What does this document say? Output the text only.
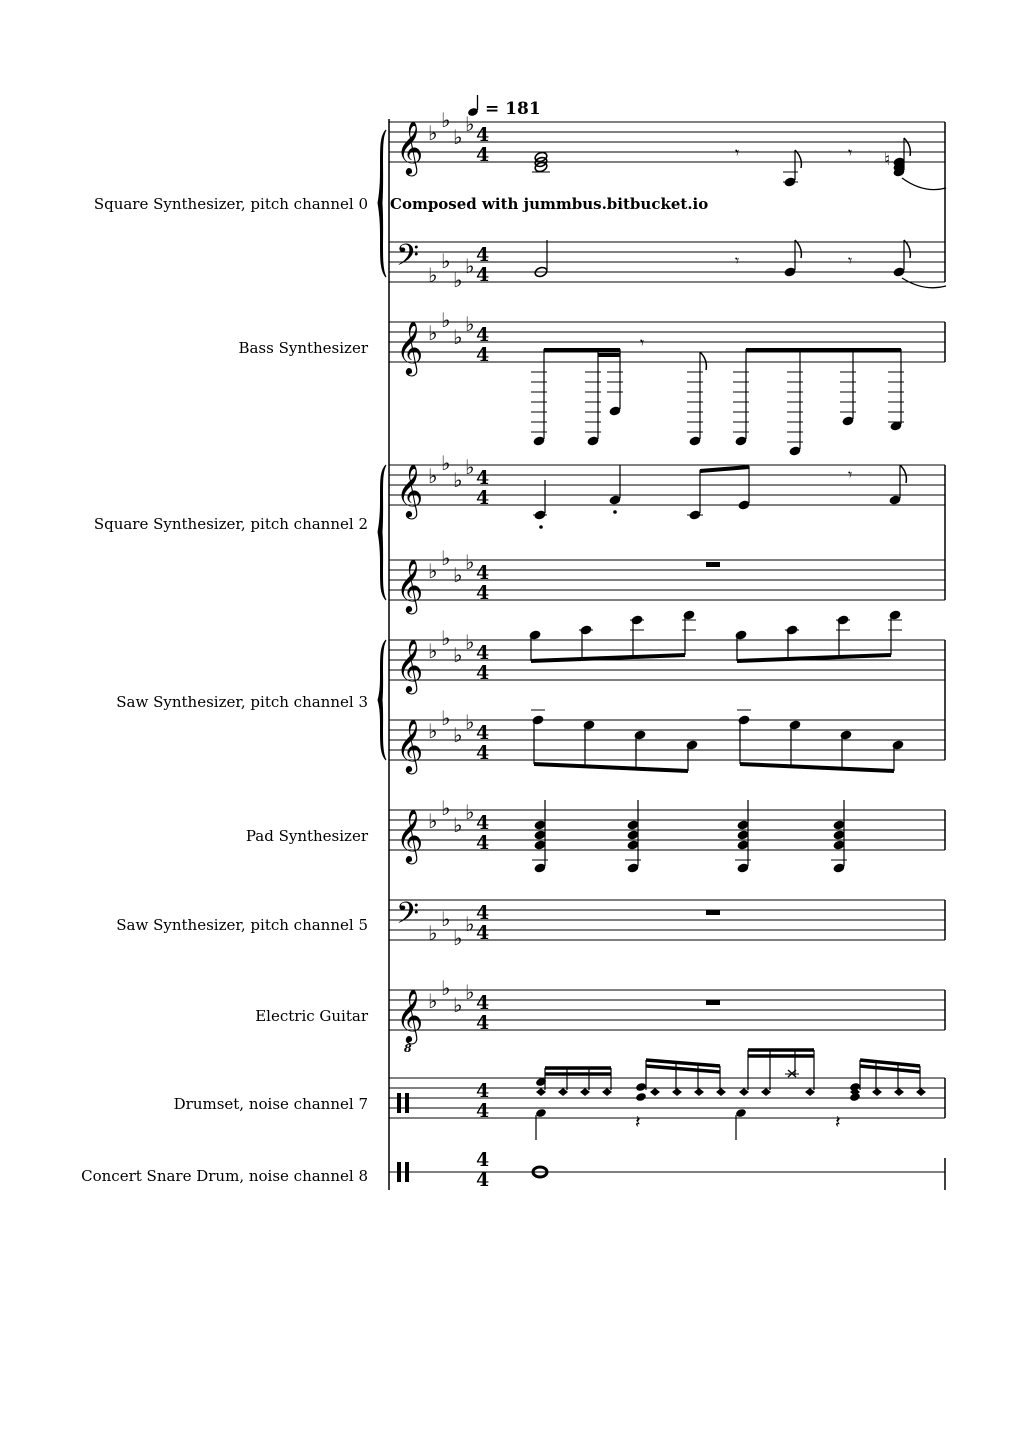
= 181
Square Synthesizer, pitch channel 0
Bass Synthesizer
Square Synthesizer, pitch channel 2
Saw Synthesizer, pitch channel 3
Pad Synthesizer
Saw Synthesizer, pitch channel 5
Electric Guitar
Drumset, noise channel 7
Concert Snare Drum, noise channel 8
𝄞 ♭
♭
♭
♭ 4
4	𝄾	𝄾 ♮
Composed with jummbus.bitbucket.io
𝄢 ♭
♭
♭
♭ 4
4
𝄾	𝄾
𝄞 ♭
♭
♭
♭ 4
4
𝄾
𝄞 ♭
♭
♭
♭ 4
4
𝄾
𝄞 ♭
♭
♭
♭ 4
4
𝄞 ♭
♭
♭
♭ 4
4
𝄞 ♭
♭
♭
♭ 4
4
𝄞 ♭
♭
♭
♭ 4
4
𝄢 ♭
♭
♭
♭ 4
4
𝄞
8
♭
♭
♭
♭ 4
4
4
4
𝄽	𝄽
4
4
